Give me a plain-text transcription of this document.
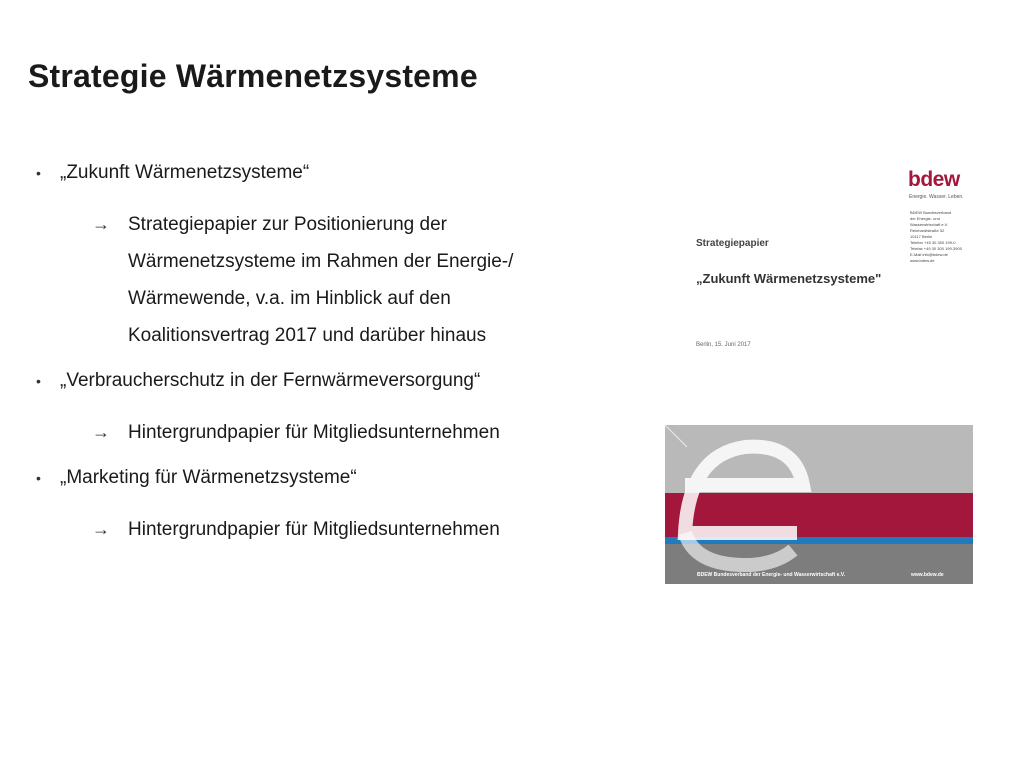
Strategie Wärmenetzsysteme
• „Zukunft Wärmenetzsysteme“
→ Strategiepapier zur Positionierung der
Wärmenetzsysteme im Rahmen der Energie-/
Wärmewende, v.a. im Hinblick auf den
Koalitionsvertrag 2017 und darüber hinaus
• „Verbraucherschutz in der Fernwärmeversorgung“
→ Hintergrundpapier für Mitgliedsunternehmen
• „Marketing für Wärmenetzsysteme“
→ Hintergrundpapier für Mitgliedsunternehmen
bdew
Energie. Wasser. Leben.
BDEW Bundesverband
der Energie- und
Wasserwirtschaft e.V.
Reinhardtstraße 32
10117 Berlin
Telefon +49 30 300 199-0
Telefax +49 30 300 199-3900
E-Mail info@bdew.de
www.bdew.de
Strategiepapier
„Zukunft Wärmenetzsysteme"
Berlin, 15. Juni 2017
BDEW Bundesverband der Energie- und Wasserwirtschaft e.V.	www.bdew.de
